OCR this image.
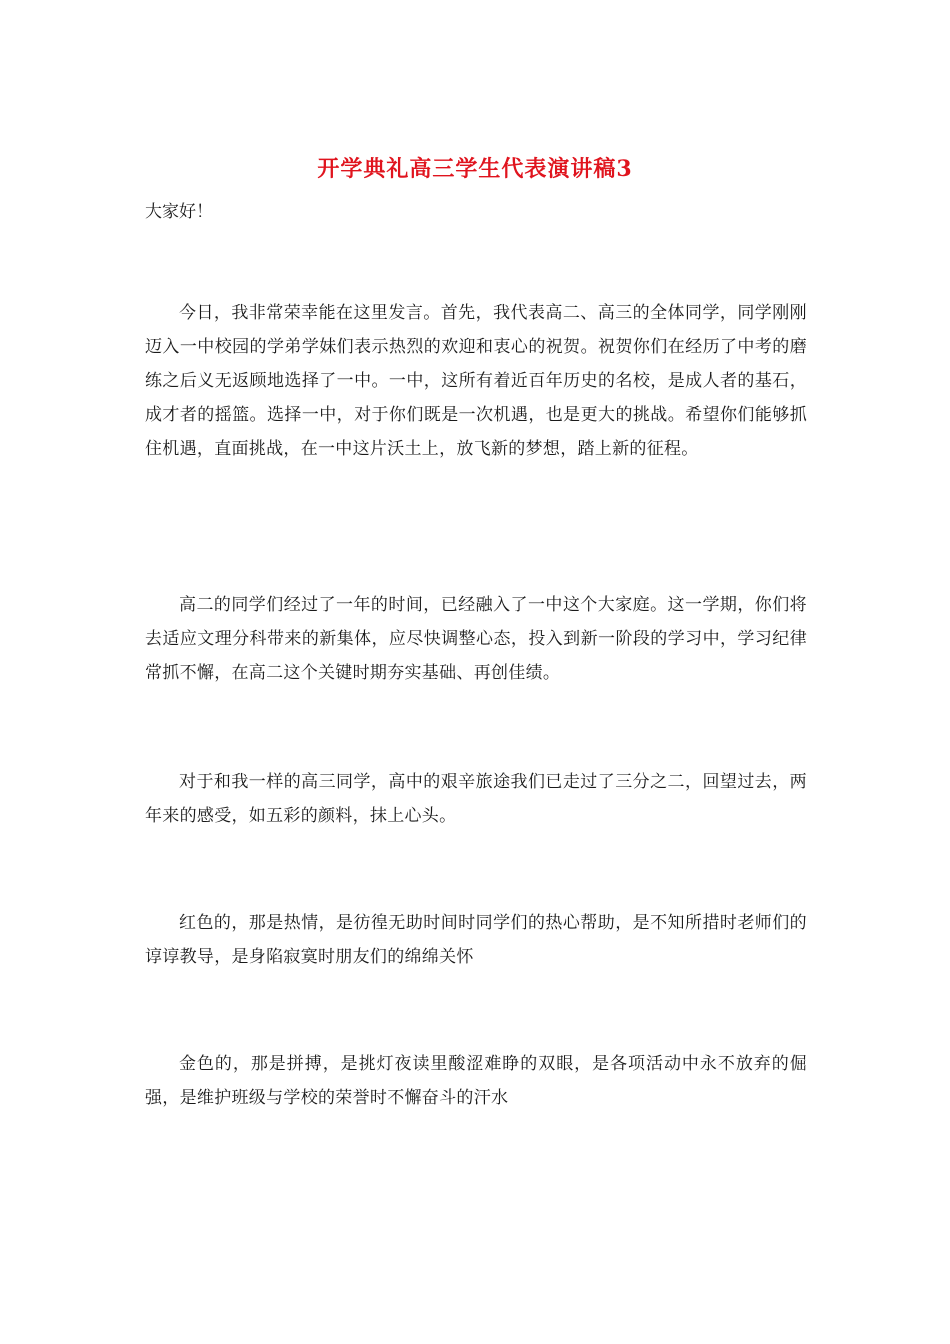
开学典礼高三学生代表演讲稿3

大家好！

今日，我非常荣幸能在这里发言。首先，我代表高二、高三的全体同学，同学刚刚迈入一中校园的学弟学妹们表示热烈的欢迎和衷心的祝贺。祝贺你们在经历了中考的磨练之后义无返顾地选择了一中。一中，这所有着近百年历史的名校，是成人者的基石，成才者的摇篮。选择一中，对于你们既是一次机遇，也是更大的挑战。希望你们能够抓住机遇，直面挑战，在一中这片沃土上，放飞新的梦想，踏上新的征程。

高二的同学们经过了一年的时间，已经融入了一中这个大家庭。这一学期，你们将去适应文理分科带来的新集体，应尽快调整心态，投入到新一阶段的学习中，学习纪律常抓不懈，在高二这个关键时期夯实基础、再创佳绩。

对于和我一样的高三同学，高中的艰辛旅途我们已走过了三分之二，回望过去，两年来的感受，如五彩的颜料，抹上心头。

红色的，那是热情，是彷徨无助时间时同学们的热心帮助，是不知所措时老师们的谆谆教导，是身陷寂寞时朋友们的绵绵关怀

金色的，那是拼搏，是挑灯夜读里酸涩难睁的双眼，是各项活动中永不放弃的倔强，是维护班级与学校的荣誉时不懈奋斗的汗水
